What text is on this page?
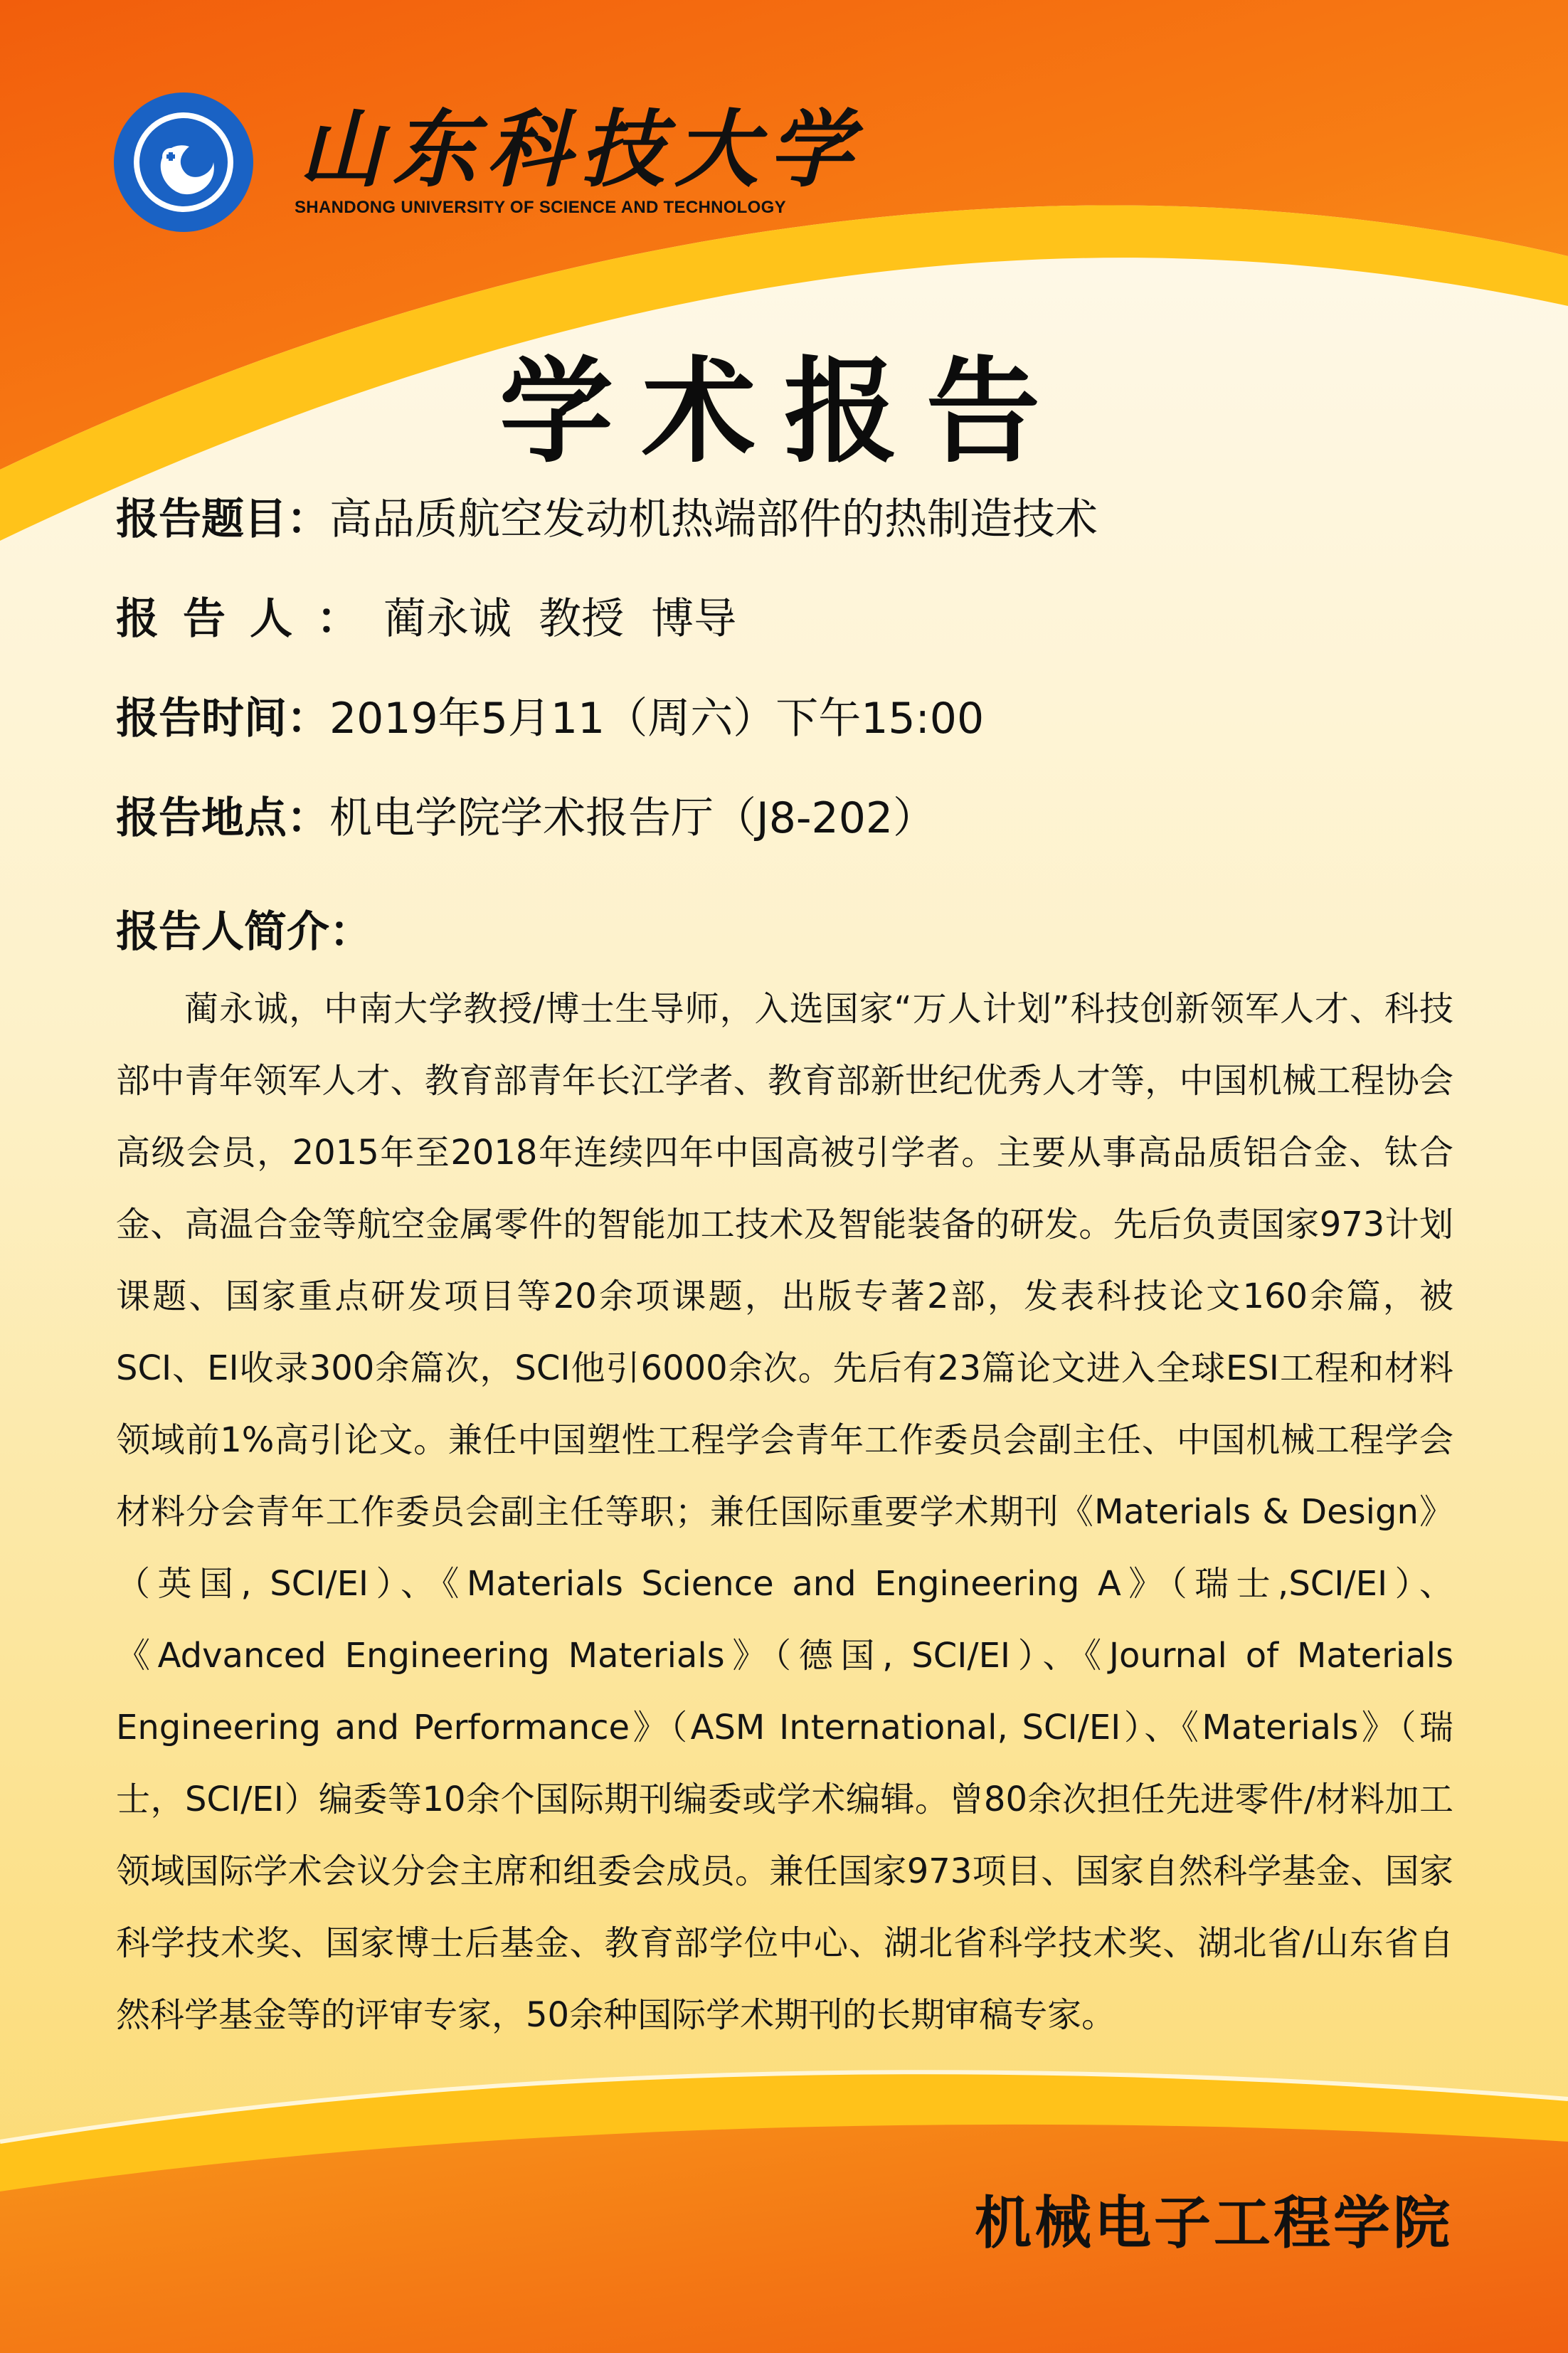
山东科技大学
SHANDONG UNIVERSITY OF SCIENCE AND TECHNOLOGY
学术报告
报告题目：高品质航空发动机热端部件的热制造技术
报告人：蔺永诚  教授  博导
报告时间：2019年5月11（周六）下午15:00
报告地点：机电学院学术报告厅（J8-202）
报告人简介：
蔺永诚，中南大学教授/博士生导师，入选国家“万人计划”科技创新领军人才、科技部中青年领军人才、教育部青年长江学者、教育部新世纪优秀人才等，中国机械工程协会高级会员，2015年至2018年连续四年中国高被引学者。主要从事高品质铝合金、钛合金、高温合金等航空金属零件的智能加工技术及智能装备的研发。先后负责国家973计划课题、国家重点研发项目等20余项课题，出版专著2部，发表科技论文160余篇，被SCI、EI收录300余篇次，SCI他引6000余次。先后有23篇论文进入全球ESI工程和材料领域前1%高引论文。兼任中国塑性工程学会青年工作委员会副主任、中国机械工程学会材料分会青年工作委员会副主任等职；兼任国际重要学术期刊《Materials & Design》（英国, SCI/EI）、《Materials Science and Engineering A》（瑞士,SCI/EI）、《Advanced Engineering Materials》（德国, SCI/EI）、《Journal of Materials Engineering and Performance》（ASM International, SCI/EI）、《Materials》（瑞士，SCI/EI）编委等10余个国际期刊编委或学术编辑。曾80余次担任先进零件/材料加工领域国际学术会议分会主席和组委会成员。兼任国家973项目、国家自然科学基金、国家科学技术奖、国家博士后基金、教育部学位中心、湖北省科学技术奖、湖北省/山东省自然科学基金等的评审专家，50余种国际学术期刊的长期审稿专家。
机械电子工程学院
